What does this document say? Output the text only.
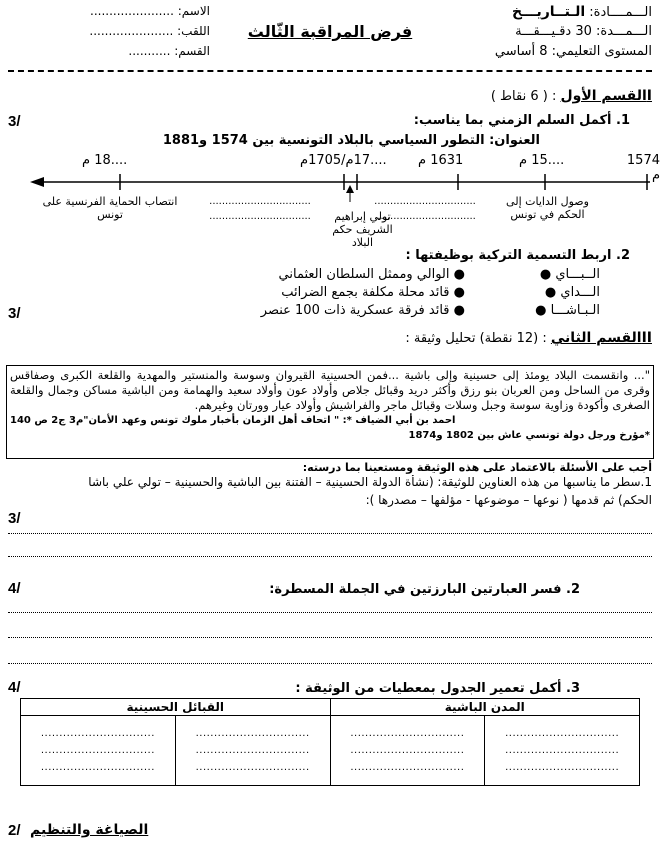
الـــمــــادة: الـتــاريـــخ
الـــمـــدة: 30 دقـيـــقـــة
المستوى التعليمي: 8 أساسي
فرض المراقبة الثّالث
الاسم: ......................
اللقب: ......................
القسم: ...........
Iالقسم الأول : ( 6 نقاط )
1. أكمل السلم الزمني بما يناسب:
3/
العنوان: التطور السياسي بالبلاد التونسية بين 1574 و1881
1574 م
....15 م
1631 م
....17م/1705م
....18 م
وصول الدايات إلى الحكم في تونس
................................
................................
تولي إبراهيم الشريف حكم البلاد
................................
................................
انتصاب الحماية الفرنسية على تونس
2. اربط التسمية التركية بوظيفتها :
الــبـــاي ●
الـــداي ●
الـبـاشـــا ●
● الوالي وممثل السلطان العثماني
● قائد محلة مكلفة بجمع الضرائب
● قائد فرقة عسكرية ذات 100 عنصر
3/
IIالقسم الثاني : (12 نقطة) تحليل وثيقة :
"... وانقسمت البلاد يومئذ إلى حسينية وإلى باشية ...فمن الحسينية القيروان وسوسة والمنستير والمهدية والقلعة الكبرى وصفاقس وقرى من الساحل ومن العربان بنو رزق وأكثر دريد وقبائل جلاص وأولاد عون وأولاد سعيد والهمامة ومن الباشية مساكن وجمال والقلعة الصغرى وأكودة وزاوية سوسة وجبل وسلات وقبائل ماجر والفراشيش وأولاد عيار وورتان وغيرهم.
احمد بن أبي الضياف *: " اتحاف أهل الزمان بأخبار ملوك تونس وعهد الأمان"م3 ج2 ص 140
*مؤرخ ورجل دولة تونسي عاش بين 1802 و1874
أجب على الأسئلة بالاعتماد على هذه الوثيقة ومستعينا بما درسته:
1.سطر ما يناسبها من هذه العناوين للوثيقة: (نشأة الدولة الحسينية – الفتنة بين الباشية والحسينية – تولي علي باشا
الحكم) ثم قدمها ( نوعها – موضوعها - مؤلفها – مصدرها ):
3/
2. فسر العبارتين البارزتين في الجملة المسطرة:
4/
3. أكمل تعمير الجدول بمعطيات من الوثيقة :
4/
المدن الباشية	القبائل الحسينية

...............................
...............................
...............................

...............................
...............................
...............................

...............................
...............................
...............................

...............................
...............................
...............................
الصياغة والتنظيم
2/
